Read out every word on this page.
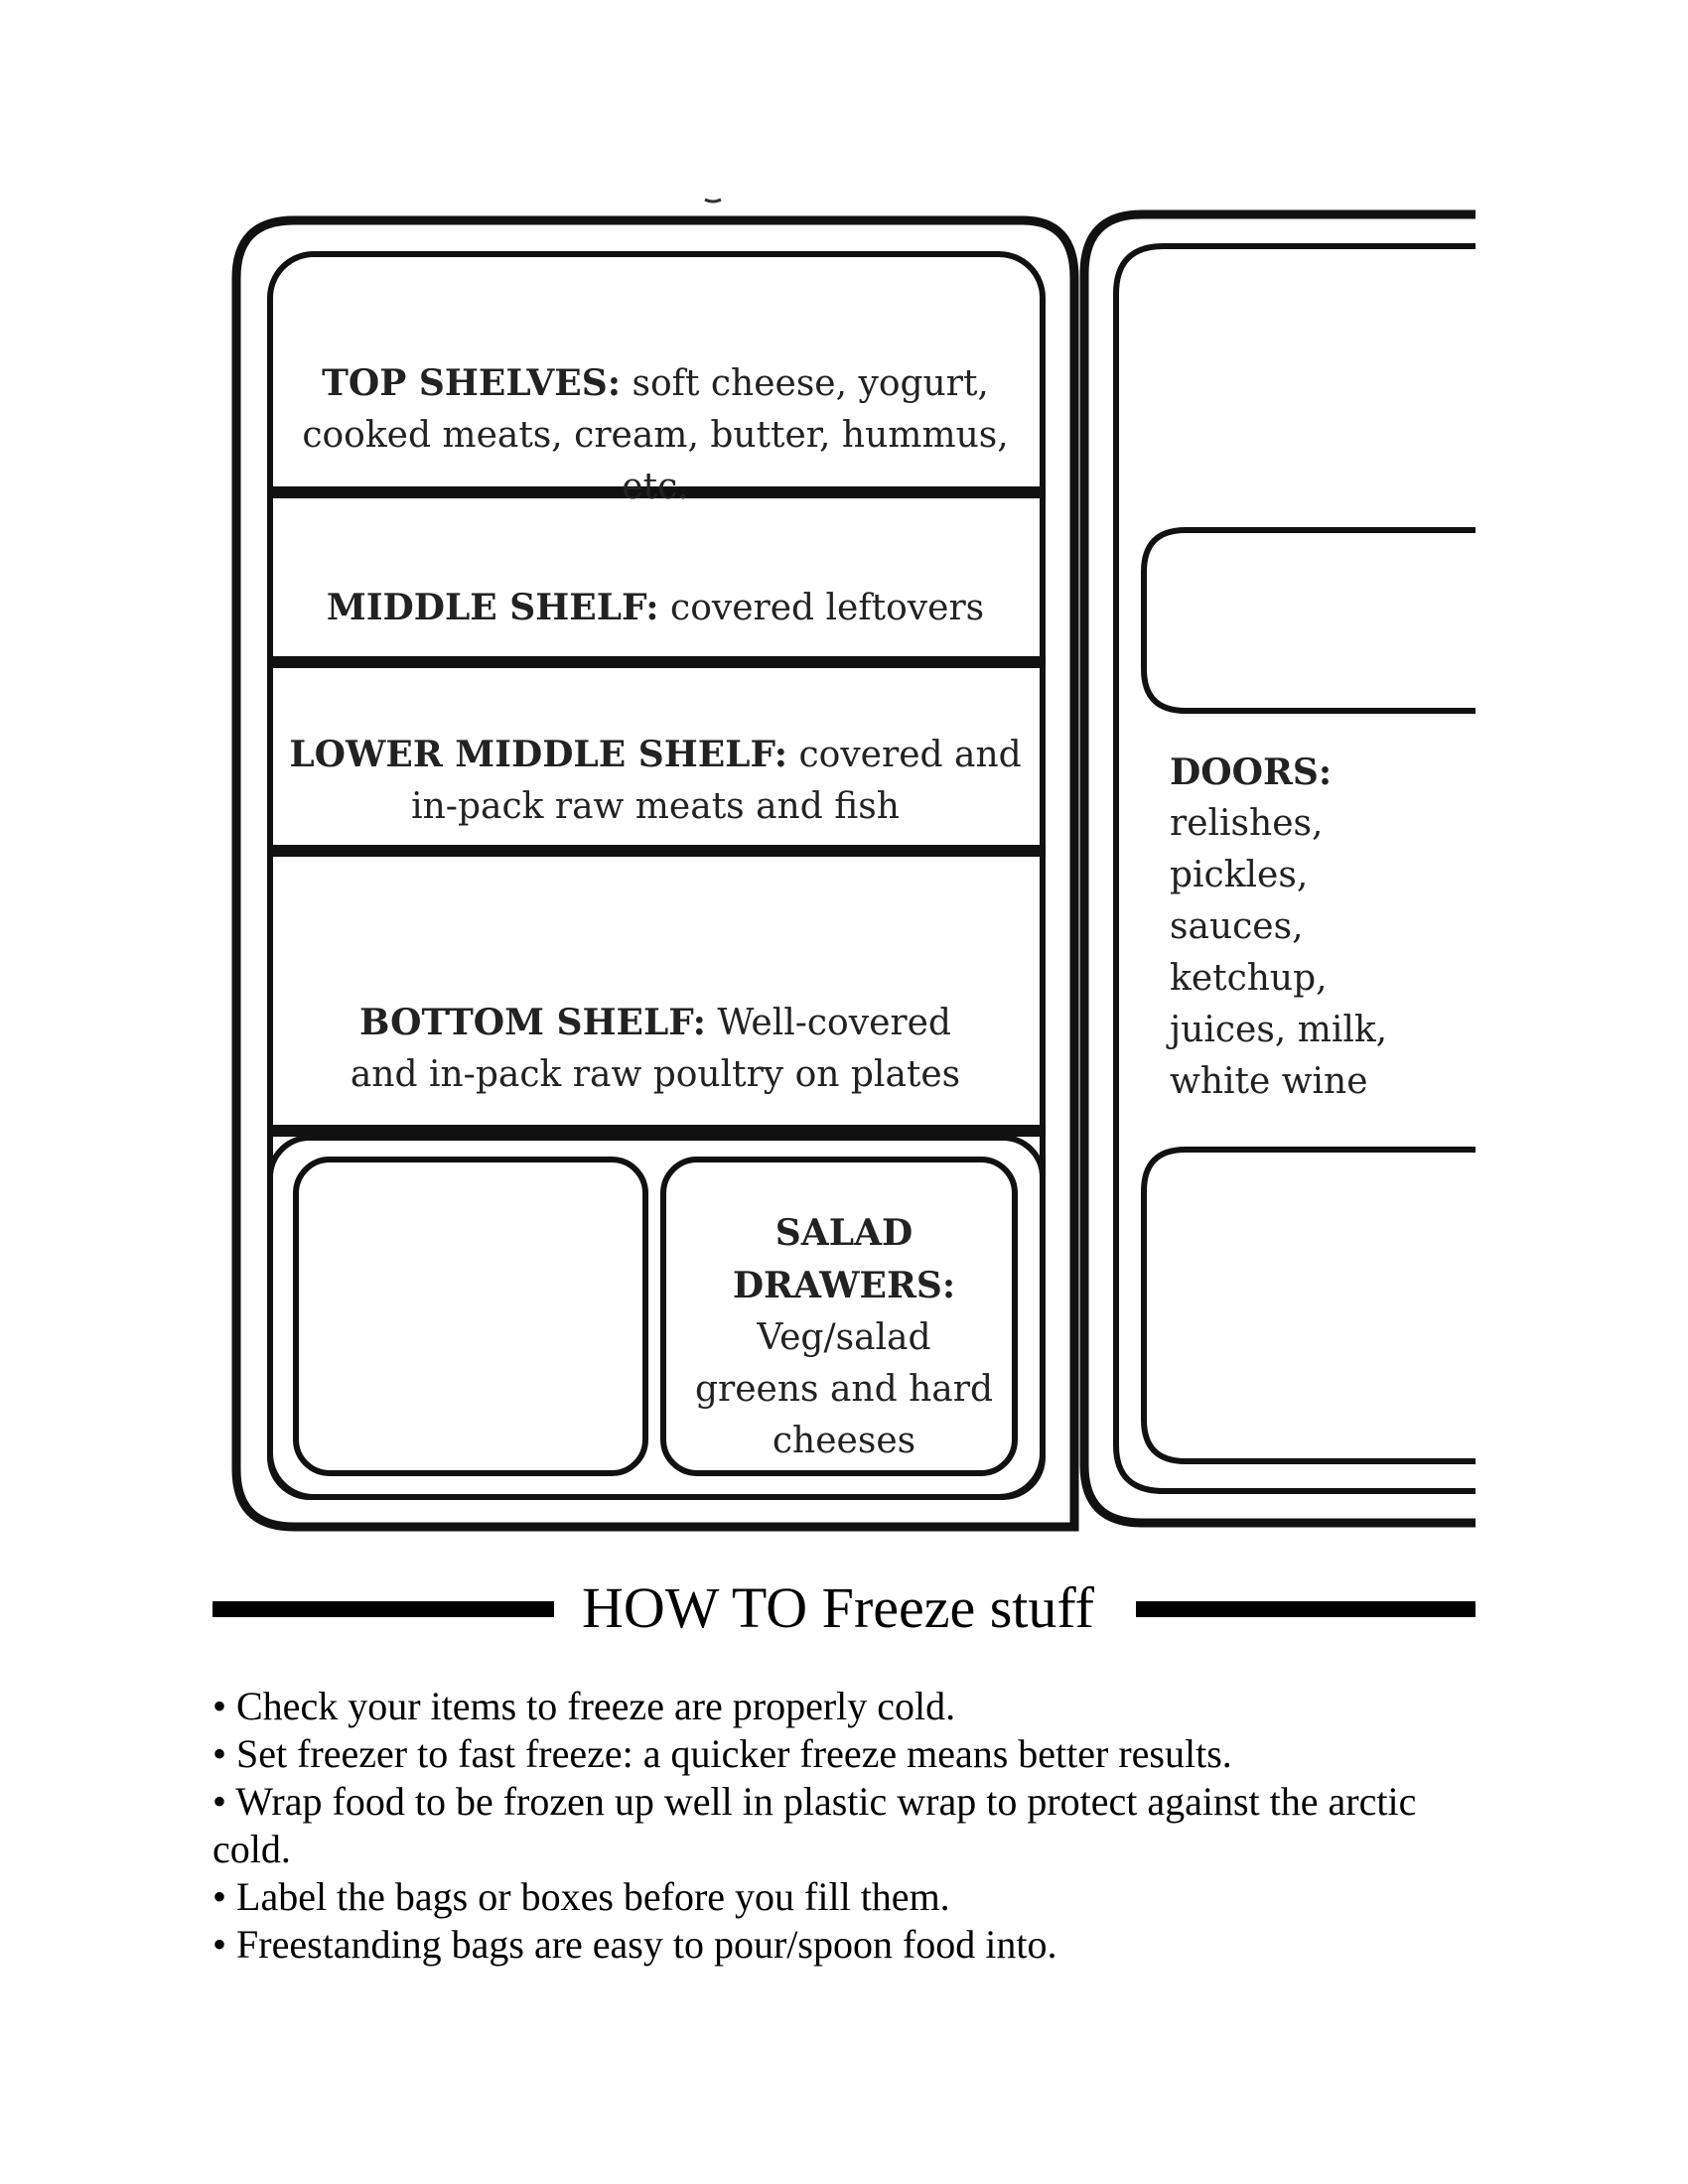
TOP SHELVES: soft cheese, yogurt, cooked meats, cream, butter, hummus, etc.
MIDDLE SHELF: covered leftovers
LOWER MIDDLE SHELF: covered and in-pack raw meats and fish
BOTTOM SHELF: Well-covered and in-pack raw poultry on plates
SALAD DRAWERS: Veg/salad greens and hard cheeses
DOORS:
relishes,
pickles,
sauces,
ketchup,
juices, milk,
white wine
HOW TO Freeze stuff
• Check your items to freeze are properly cold.
• Set freezer to fast freeze: a quicker freeze means better results.
• Wrap food to be frozen up well in plastic wrap to protect against the arctic cold.
• Label the bags or boxes before you fill them.
• Freestanding bags are easy to pour/spoon food into.
